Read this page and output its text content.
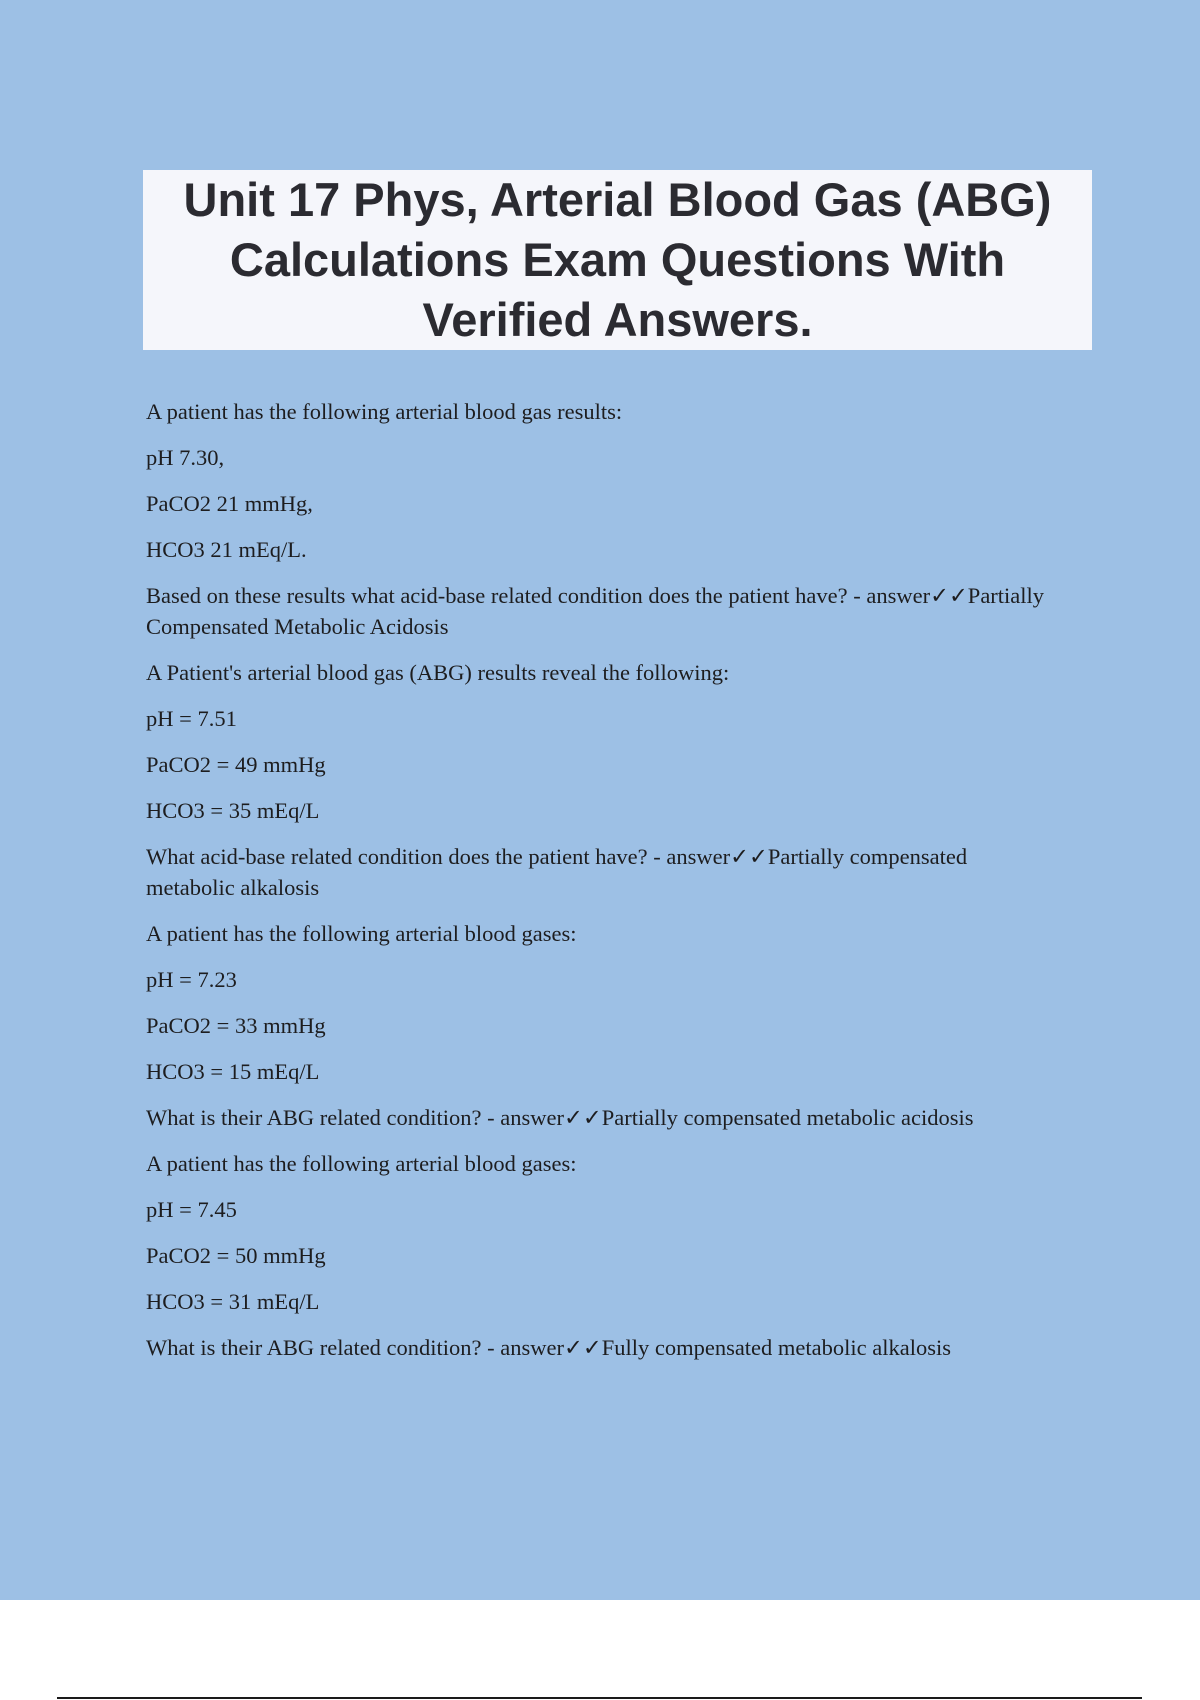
Unit 17 Phys, Arterial Blood Gas (ABG) Calculations Exam Questions With Verified Answers.

A patient has the following arterial blood gas results:

pH 7.30,

PaCO2 21 mmHg,

HCO3 21 mEq/L.

Based on these results what acid-base related condition does the patient have? - answer✓✓Partially Compensated Metabolic Acidosis

A Patient's arterial blood gas (ABG) results reveal the following:

pH = 7.51

PaCO2 = 49 mmHg

HCO3 = 35 mEq/L

What acid-base related condition does the patient have? - answer✓✓Partially compensated metabolic alkalosis

A patient has the following arterial blood gases:

pH = 7.23

PaCO2 = 33 mmHg

HCO3 = 15 mEq/L

What is their ABG related condition? - answer✓✓Partially compensated metabolic acidosis

A patient has the following arterial blood gases:

pH = 7.45

PaCO2 = 50 mmHg

HCO3 = 31 mEq/L

What is their ABG related condition? - answer✓✓Fully compensated metabolic alkalosis
